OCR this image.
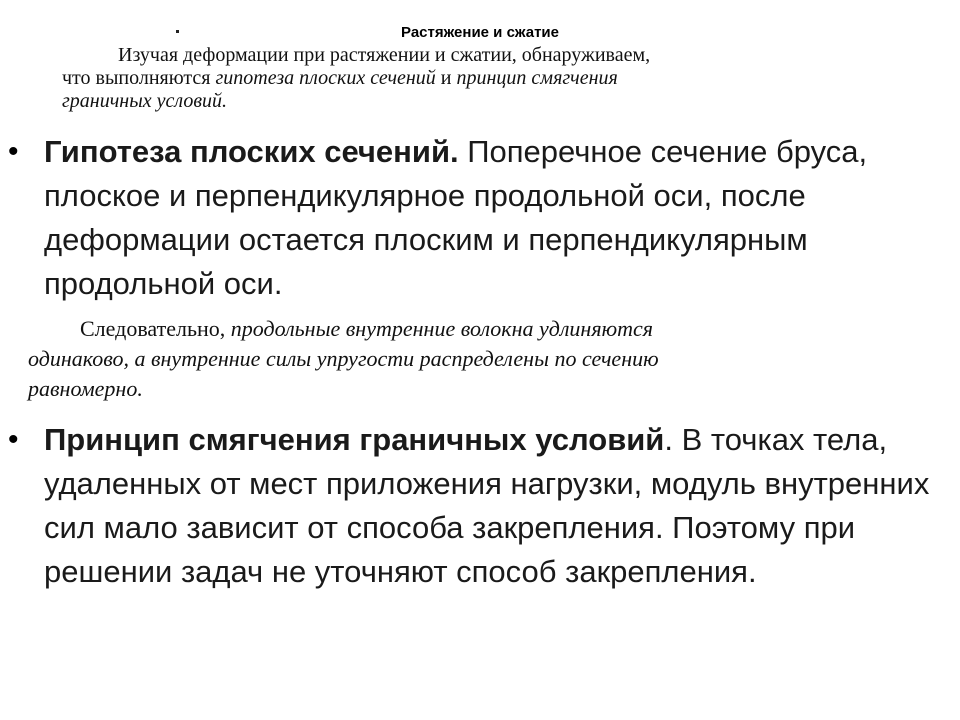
Растяжение и сжатие
Изучая деформации при растяжении и сжатии, обнаруживаем,
что выполняются гипотеза плоских сечений и принцип смягчения
граничных условий.
• Гипотеза плоских сечений. Поперечное сечение бруса, плоское и перпендикулярное продольной оси, после деформации остается плоским и перпендикулярным продольной оси.
Следовательно, продольные внутренние волокна удлиняются
одинаково, а внутренние силы упругости распределены по сечению
равномерно.
• Принцип смягчения граничных условий. В точках тела, удаленных от мест приложения нагрузки, модуль внутренних сил мало зависит от способа закрепления. Поэтому при решении задач не уточняют способ закрепления.
